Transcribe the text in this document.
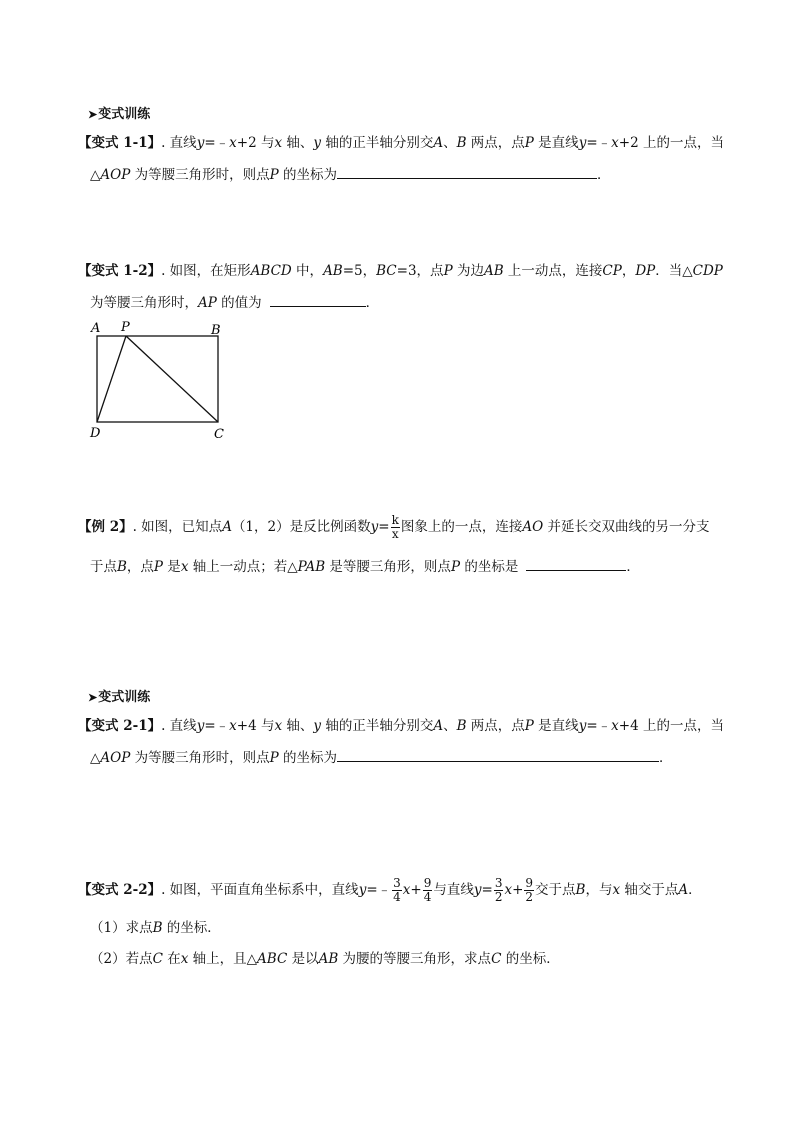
➤变式训练
【变式 1-1】. 直线y=﹣x+2 与x 轴、y 轴的正半轴分别交A、B 两点，点P 是直线y=﹣x+2 上的一点，当
△AOP 为等腰三角形时，则点P 的坐标为	．
【变式 1-2】. 如图，在矩形ABCD 中，AB=5，BC=3，点P 为边AB 上一动点，连接CP，DP．当△CDP
为等腰三角形时，AP 的值为	．
A P	B
D	C
【例 2】. 如图，已知点A（1，2）是反比例函数$y= \frac{k}{x}$ 图象上的一点，连接AO 并延长交双曲线的另一分支
于点B，点P 是x 轴上一动点；若△PAB 是等腰三角形，则点P 的坐标是	．
➤变式训练
【变式 2-1】. 直线y=﹣x+4 与x 轴、y 轴的正半轴分别交A、B 两点，点P 是直线y=﹣x+4 上的一点，当
△AOP 为等腰三角形时，则点P 的坐标为	．
【变式 2-2】. 如图，平面直角坐标系中，直线y=﹣ $\frac{3}{4} x+ \frac{9}{4}$ 与直线$y= \frac{3}{2} x+ \frac{9}{2}$ 交于点B，与x 轴交于点A．
（1）求点B 的坐标．
（2）若点C 在x 轴上，且△ABC 是以AB 为腰的等腰三角形，求点C 的坐标．
